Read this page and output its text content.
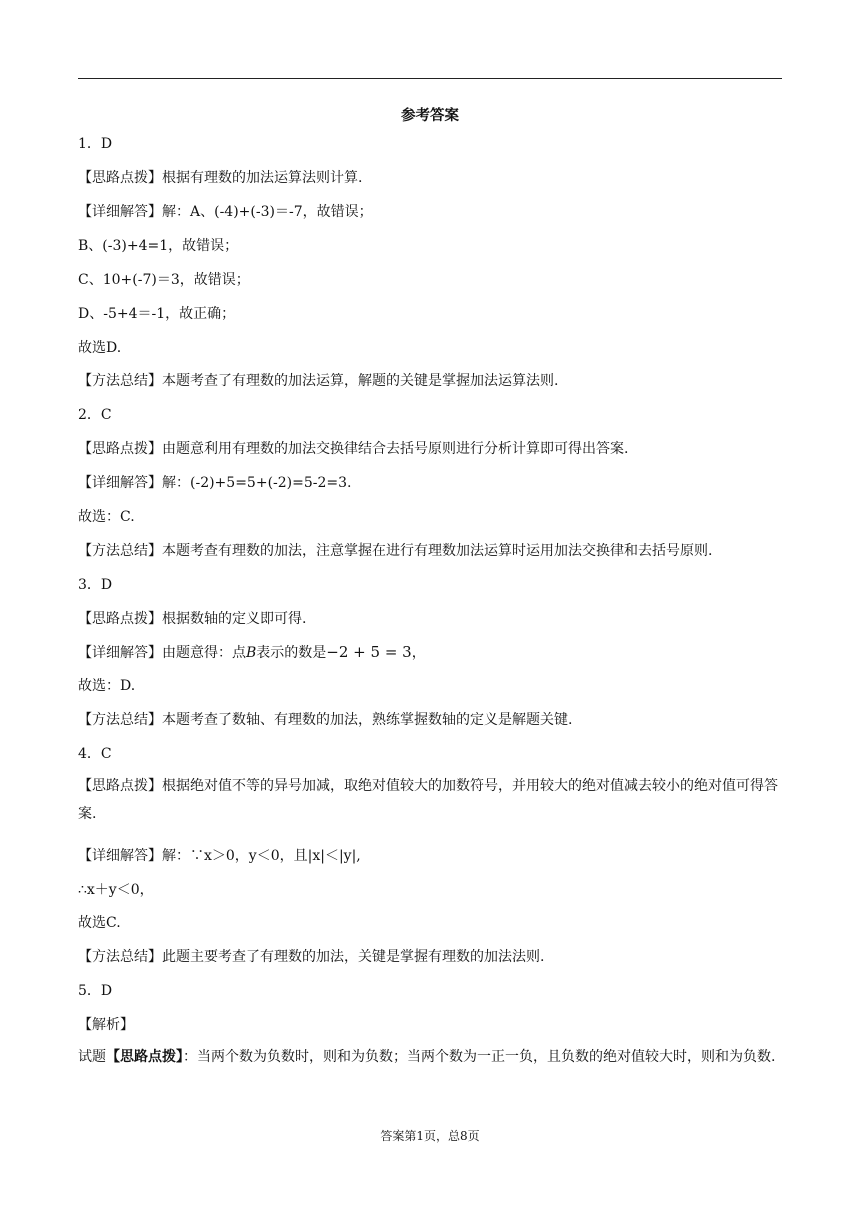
参考答案
1．D
【思路点拨】根据有理数的加法运算法则计算.
【详细解答】解：A、(-4)+(-3)＝-7，故错误；
B、(-3)+4=1，故错误；
C、10+(-7)＝3，故错误；
D、-5+4＝-1，故正确；
故选D.
【方法总结】本题考查了有理数的加法运算，解题的关键是掌握加法运算法则.
2．C
【思路点拨】由题意利用有理数的加法交换律结合去括号原则进行分析计算即可得出答案.
【详细解答】解：(-2)+5=5+(-2)=5-2=3.
故选：C.
【方法总结】本题考查有理数的加法，注意掌握在进行有理数加法运算时运用加法交换律和去括号原则.
3．D
【思路点拨】根据数轴的定义即可得.
【详细解答】由题意得：点B表示的数是−2 + 5 = 3，
故选：D.
【方法总结】本题考查了数轴、有理数的加法，熟练掌握数轴的定义是解题关键.
4．C
【思路点拨】根据绝对值不等的异号加减，取绝对值较大的加数符号，并用较大的绝对值减去较小的绝对值可得答案.
【详细解答】解：∵x＞0，y＜0，且|x|＜|y|,
∴x＋y＜0，
故选C.
【方法总结】此题主要考查了有理数的加法，关键是掌握有理数的加法法则.
5．D
【解析】
试题【思路点拨】：当两个数为负数时，则和为负数；当两个数为一正一负，且负数的绝对值较大时，则和为负数.
答案第1页，总8页
